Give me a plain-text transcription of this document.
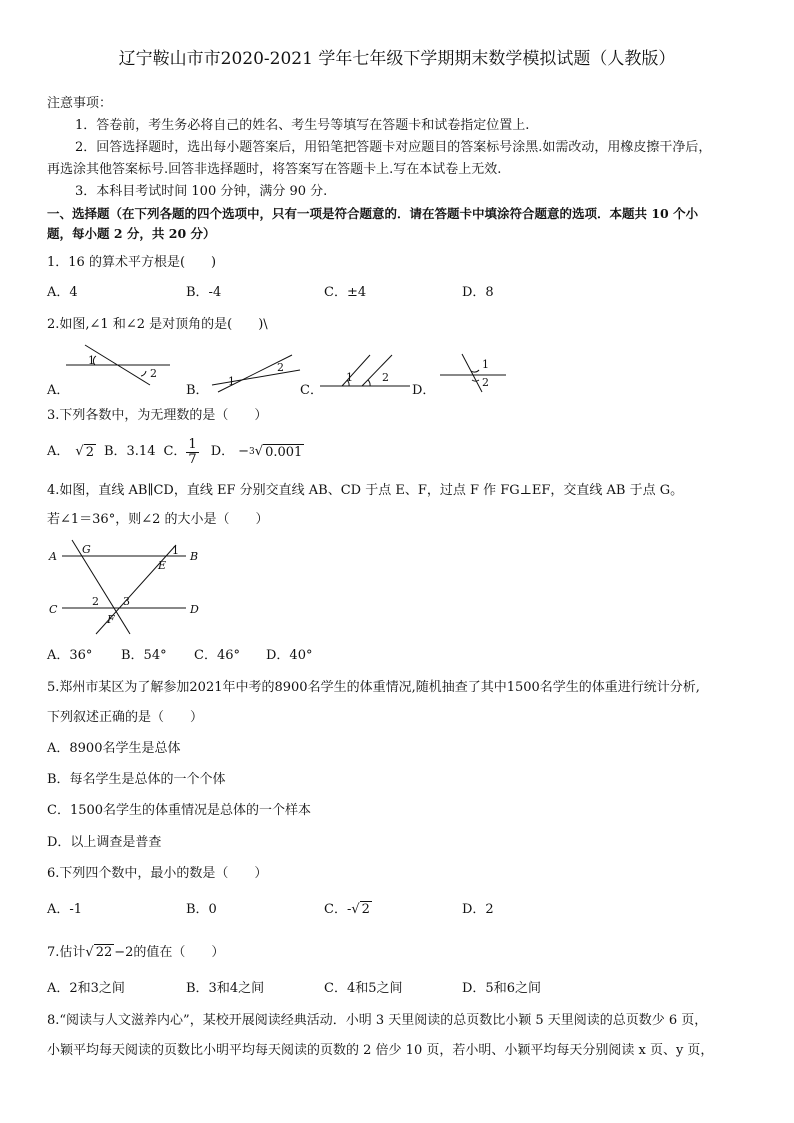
辽宁鞍山市市2020-2021 学年七年级下学期期末数学模拟试题（人教版）
注意事项：
1．答卷前，考生务必将自己的姓名、考生号等填写在答题卡和试卷指定位置上.
2．回答选择题时，选出每小题答案后，用铅笔把答题卡对应题目的答案标号涂黑.如需改动，用橡皮擦干净后，
再选涂其他答案标号.回答非选择题时，将答案写在答题卡上.写在本试卷上无效.
3．本科目考试时间 100 分钟，满分 90 分.
一、选择题（在下列各题的四个选项中，只有一项是符合题意的．请在答题卡中填涂符合题意的选项．本题共 10 个小
题，每小题 2 分，共 20 分）
1．16 的算术平方根是(　　)
A．4	B．-4	C．±4	D．8
2.如图,∠1 和∠2 是对顶角的是(　　)\
A．	B．	C．	D．
1
2
1
2
1	2
1
2
3.下列各数中，为无理数的是（　　）
A． √ 2 B．3.14 C． $\frac{1}{7}$ D． − 3 √ 0.001
4.如图，直线 AB∥CD，直线 EF 分别交直线 AB、CD 于点 E、F，过点 F 作 FG⊥EF，交直线 AB 于点 G。
若∠1＝36°，则∠2 的大小是（　　）
A	B
C	D
E
F
G	1
2 3
A．36° B．54° C．46° D．40°
5.郑州市某区为了解参加2021年中考的8900名学生的体重情况,随机抽查了其中1500名学生的体重进行统计分析,
下列叙述正确的是（　　）
A．8900名学生是总体
B．每名学生是总体的一个个体
C．1500名学生的体重情况是总体的一个样本
D．以上调查是普查
6.下列四个数中，最小的数是（　　）
A．-1	B．0	C．-√ 2	D．2
7.估计√ 22 −2的值在（　　）
A．2和3之间	B．3和4之间	C．4和5之间	D．5和6之间
8.“阅读与人文滋养内心”，某校开展阅读经典活动．小明 3 天里阅读的总页数比小颖 5 天里阅读的总页数少 6 页，
小颖平均每天阅读的页数比小明平均每天阅读的页数的 2 倍少 10 页，若小明、小颖平均每天分别阅读 x 页、y 页，
